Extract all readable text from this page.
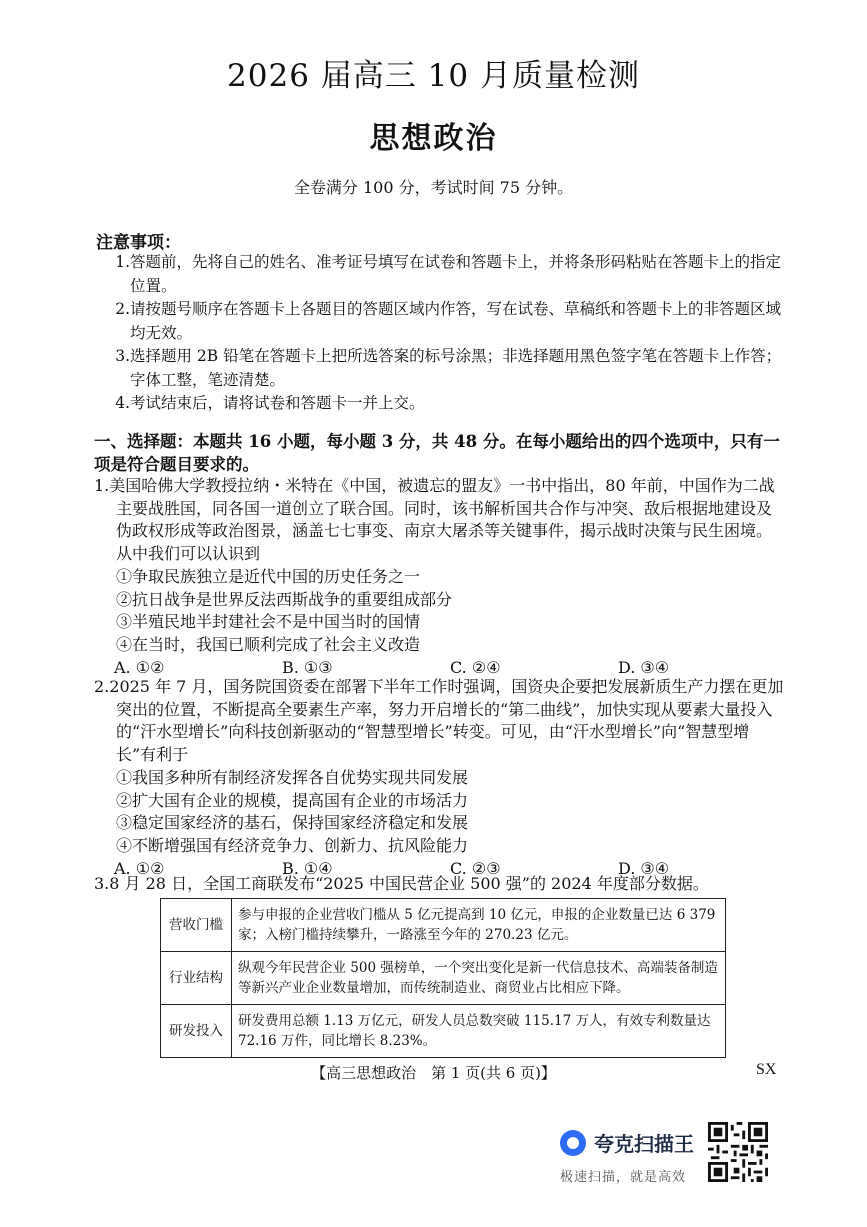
2026 届高三 10 月质量检测
思想政治
全卷满分 100 分，考试时间 75 分钟。
注意事项：
1.答题前，先将自己的姓名、准考证号填写在试卷和答题卡上，并将条形码粘贴在答题卡上的指定位置。
2.请按题号顺序在答题卡上各题目的答题区域内作答，写在试卷、草稿纸和答题卡上的非答题区域均无效。
3.选择题用 2B 铅笔在答题卡上把所选答案的标号涂黑；非选择题用黑色签字笔在答题卡上作答；字体工整，笔迹清楚。
4.考试结束后，请将试卷和答题卡一并上交。
一、选择题：本题共 16 小题，每小题 3 分，共 48 分。在每小题给出的四个选项中，只有一项是符合题目要求的。
1.美国哈佛大学教授拉纳・米特在《中国，被遗忘的盟友》一书中指出，80 年前，中国作为二战主要战胜国，同各国一道创立了联合国。同时，该书解析国共合作与冲突、敌后根据地建设及伪政权形成等政治图景，涵盖七七事变、南京大屠杀等关键事件，揭示战时决策与民生困境。从中我们可以认识到
①争取民族独立是近代中国的历史任务之一
②抗日战争是世界反法西斯战争的重要组成部分
③半殖民地半封建社会不是中国当时的国情
④在当时，我国已顺利完成了社会主义改造
A. ①②	B. ①③	C. ②④	D. ③④
2.2025 年 7 月，国务院国资委在部署下半年工作时强调，国资央企要把发展新质生产力摆在更加突出的位置，不断提高全要素生产率，努力开启增长的“第二曲线”，加快实现从要素大量投入的“汗水型增长”向科技创新驱动的“智慧型增长”转变。可见，由“汗水型增长”向“智慧型增长”有利于
①我国多种所有制经济发挥各自优势实现共同发展
②扩大国有企业的规模，提高国有企业的市场活力
③稳定国家经济的基石，保持国家经济稳定和发展
④不断增强国有经济竞争力、创新力、抗风险能力
A. ①②	B. ①④	C. ②③	D. ③④
3.8 月 28 日，全国工商联发布“2025 中国民营企业 500 强”的 2024 年度部分数据。
营收门槛	参与申报的企业营收门槛从 5 亿元提高到 10 亿元，申报的企业数量已达 6 379 家；入榜门槛持续攀升，一路涨至今年的 270.23 亿元。
行业结构	纵观今年民营企业 500 强榜单，一个突出变化是新一代信息技术、高端装备制造等新兴产业企业数量增加，而传统制造业、商贸业占比相应下降。
研发投入	研发费用总额 1.13 万亿元，研发人员总数突破 115.17 万人，有效专利数量达 72.16 万件，同比增长 8.23%。
【高三思想政治　第 1 页(共 6 页)】	SX
夸克扫描王
极速扫描，就是高效
